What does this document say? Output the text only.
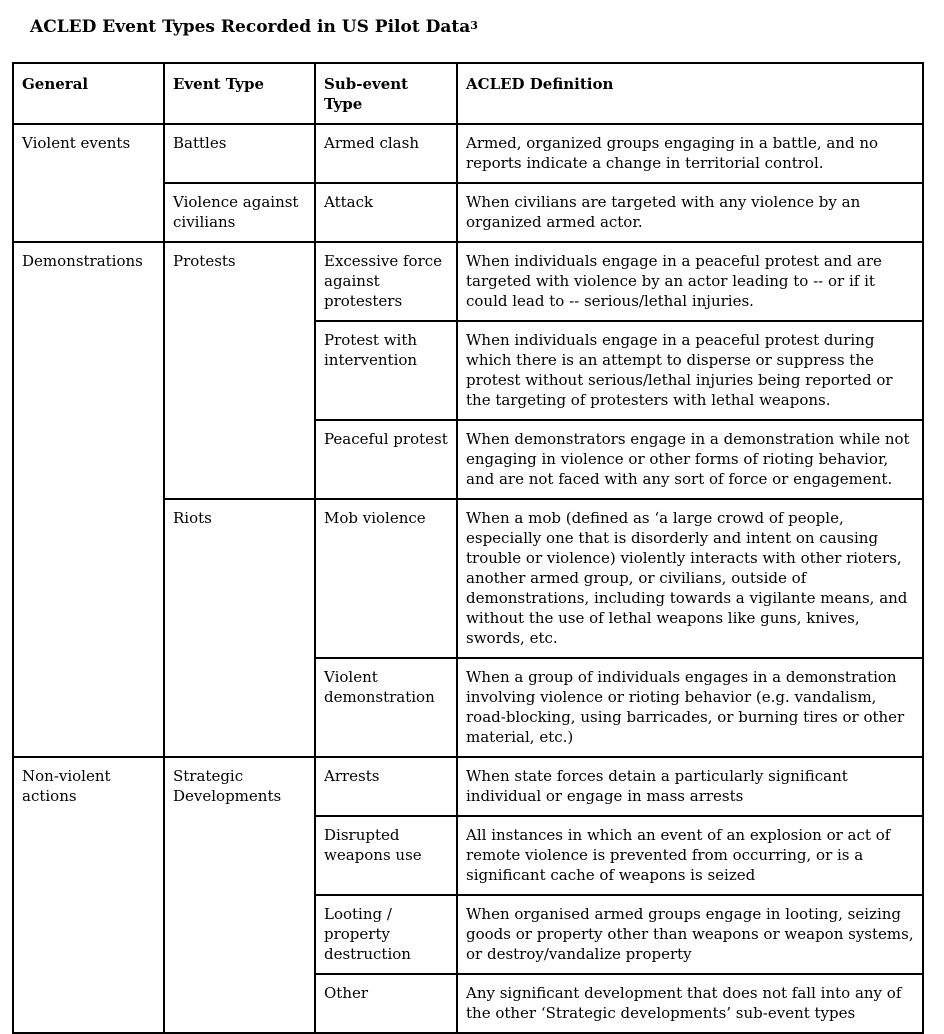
ACLED Event Types Recorded in US Pilot Data$^3$
General	Event Type	Sub-event Type	ACLED Definition
Violent events	Battles	Armed clash	Armed, organized groups engaging in a battle, and no reports indicate a change in territorial control.
	Violence against civilians	Attack	When civilians are targeted with any violence by an organized armed actor.
Demonstrations	Protests	Excessive force against protesters	When individuals engage in a peaceful protest and are targeted with violence by an actor leading to -- or if it could lead to -- serious/lethal injuries.
		Protest with intervention	When individuals engage in a peaceful protest during which there is an attempt to disperse or suppress the protest without serious/lethal injuries being reported or the targeting of protesters with lethal weapons.
		Peaceful protest	When demonstrators engage in a demonstration while not engaging in violence or other forms of rioting behavior, and are not faced with any sort of force or engagement.
	Riots	Mob violence	When a mob (defined as ‘a large crowd of people, especially one that is disorderly and intent on causing trouble or violence) violently interacts with other rioters, another armed group, or civilians, outside of demonstrations, including towards a vigilante means, and without the use of lethal weapons like guns, knives, swords, etc.
		Violent demonstration	When a group of individuals engages in a demonstration involving violence or rioting behavior (e.g. vandalism, road-blocking, using barricades, or burning tires or other material, etc.)
Non-violent actions	Strategic Developments	Arrests	When state forces detain a particularly significant individual or engage in mass arrests
		Disrupted weapons use	All instances in which an event of an explosion or act of remote violence is prevented from occurring, or is a significant cache of weapons is seized
		Looting / property destruction	When organised armed groups engage in looting, seizing goods or property other than weapons or weapon systems, or destroy/vandalize property
		Other	Any significant development that does not fall into any of the other ‘Strategic developments’ sub-event types
